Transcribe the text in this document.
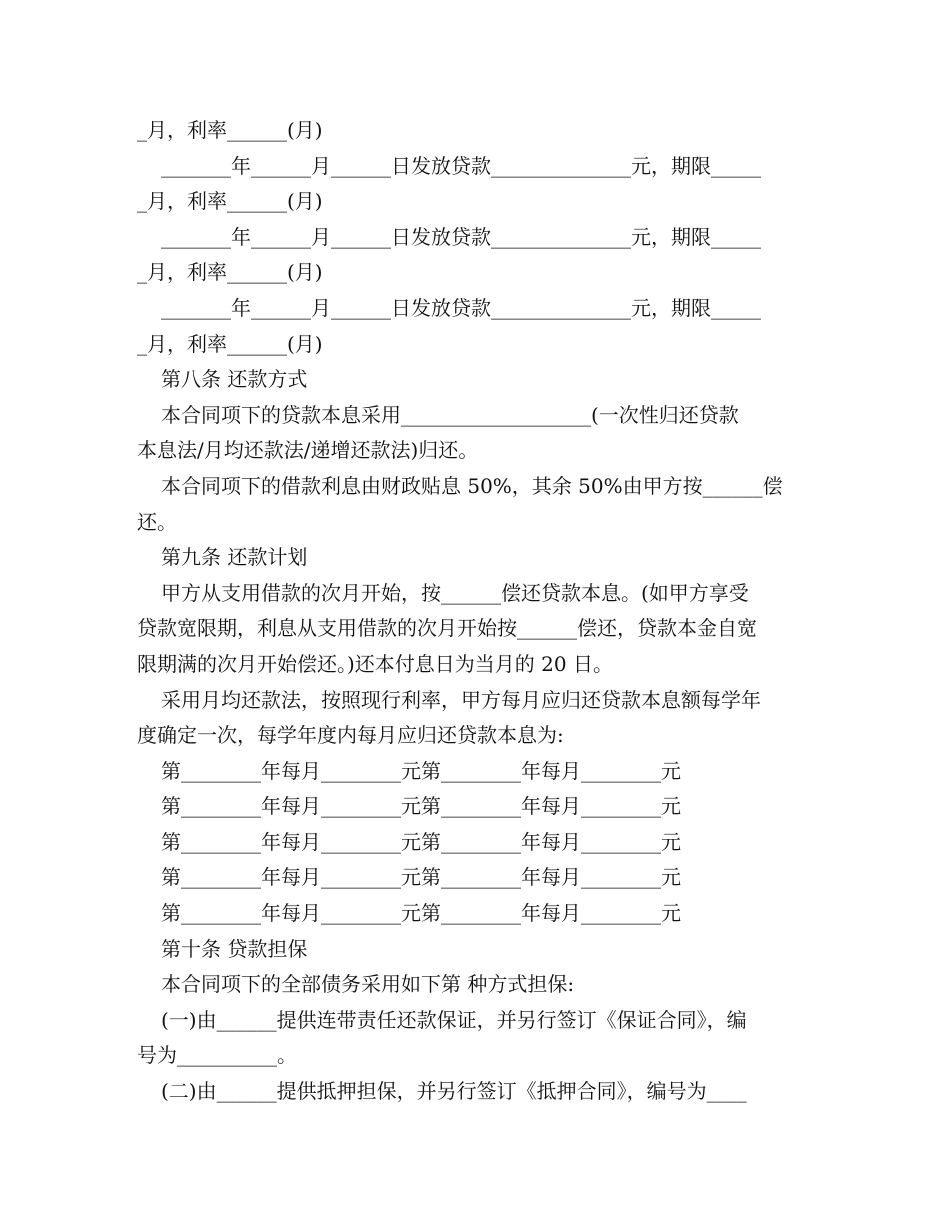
_月，利率______(月)
_______年______月______日发放贷款______________元，期限_____
_月，利率______(月)
_______年______月______日发放贷款______________元，期限_____
_月，利率______(月)
_______年______月______日发放贷款______________元，期限_____
_月，利率______(月)
第八条 还款方式
本合同项下的贷款本息采用___________________(一次性归还贷款
本息法/月均还款法/递增还款法)归还。
本合同项下的借款利息由财政贴息 50%，其余 50%由甲方按______偿
还。
第九条 还款计划
甲方从支用借款的次月开始，按______偿还贷款本息。(如甲方享受
贷款宽限期，利息从支用借款的次月开始按______偿还，贷款本金自宽
限期满的次月开始偿还。)还本付息日为当月的 20 日。
采用月均还款法，按照现行利率，甲方每月应归还贷款本息额每学年
度确定一次，每学年度内每月应归还贷款本息为:
第________年每月________元第________年每月________元
第________年每月________元第________年每月________元
第________年每月________元第________年每月________元
第________年每月________元第________年每月________元
第________年每月________元第________年每月________元
第十条 贷款担保
本合同项下的全部债务采用如下第 种方式担保:
(一)由______提供连带责任还款保证，并另行签订《保证合同》，编
号为__________。
(二)由______提供抵押担保，并另行签订《抵押合同》，编号为____
